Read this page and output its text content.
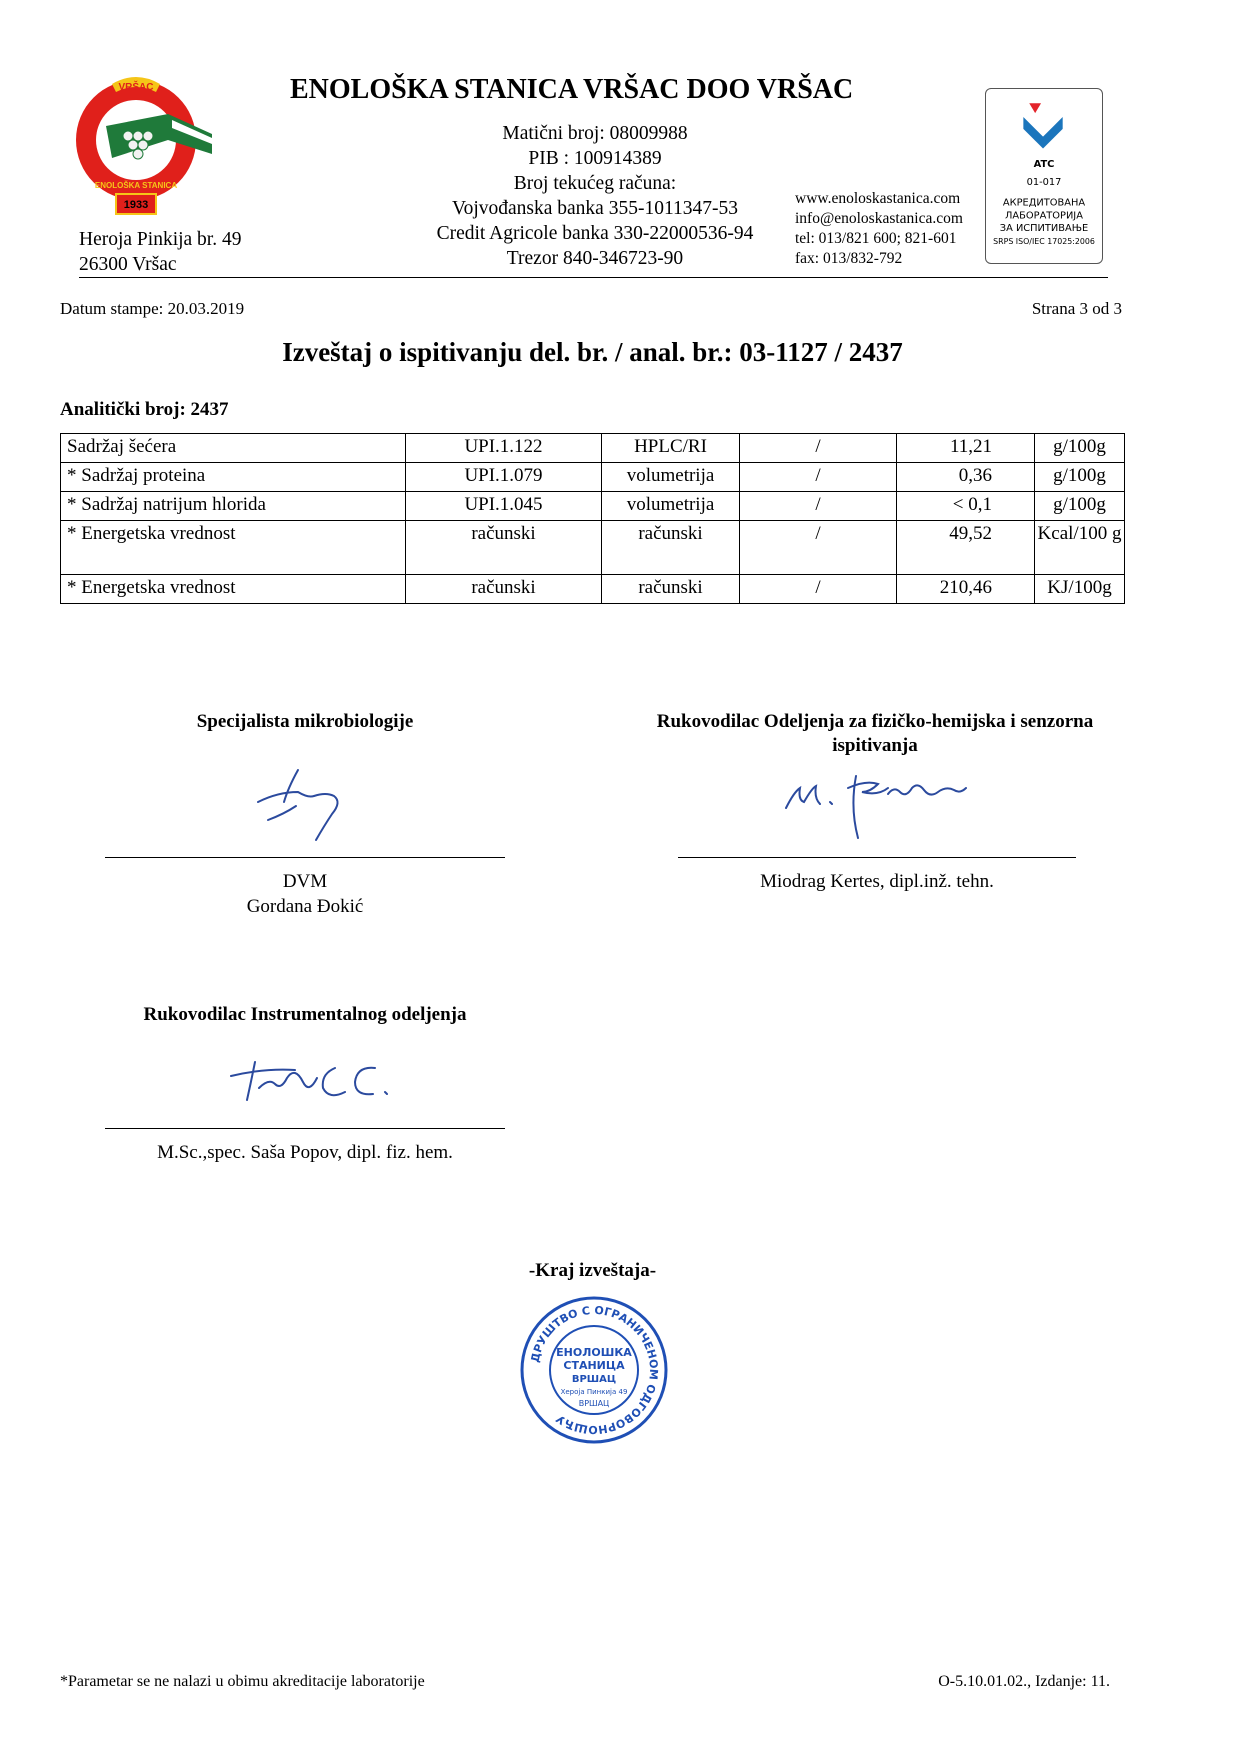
VRŠAC
ENOLOŠKA STANICA
1933
ENOLOŠKA STANICA VRŠAC DOO VRŠAC
Matični broj: 08009988
PIB : 100914389
Broj tekućeg računa:
Vojvođanska banka 355-1011347-53
Credit Agricole banka 330-22000536-94
Trezor 840-346723-90
Heroja Pinkija br. 49
26300 Vršac
www.enoloskastanica.com
info@enoloskastanica.com
tel: 013/821 600; 821-601
fax: 013/832-792
ATC
01-017
АКРЕДИТОВАНА
ЛАБОРАТОРИЈА
ЗА ИСПИТИВАЊЕ
SRPS ISO/IEC 17025:2006
Datum stampe: 20.03.2019	Strana 3 od 3
Izveštaj o ispitivanju del. br. / anal. br.: 03-1127 / 2437
Analitički broj: 2437
Sadržaj šećera	UPI.1.122	HPLC/RI	/	11,21	g/100g
* Sadržaj proteina	UPI.1.079	volumetrija	/	0,36	g/100g
* Sadržaj natrijum hlorida	UPI.1.045	volumetrija	/	< 0,1	g/100g
* Energetska vrednost	računski	računski	/	49,52	Kcal/100 g
* Energetska vrednost	računski	računski	/	210,46	KJ/100g
Specijalista mikrobiologije
DVM
Gordana Đokić
Rukovodilac Odeljenja za fizičko-hemijska i senzorna ispitivanja
Miodrag Kertes, dipl.inž. tehn.
Rukovodilac Instrumentalnog odeljenja
M.Sc.,spec. Saša Popov, dipl. fiz. hem.
-Kraj izveštaja-
ДРУШТВО С ОГРАНИЧЕНОМ ОДГОВОРНОШЋУ
ЕНОЛОШКА
СТАНИЦА
ВРШАЦ
Хероја Пинкија 49
ВРШАЦ
*Parametar se ne nalazi u obimu akreditacije laboratorije	O-5.10.01.02., Izdanje: 11.
